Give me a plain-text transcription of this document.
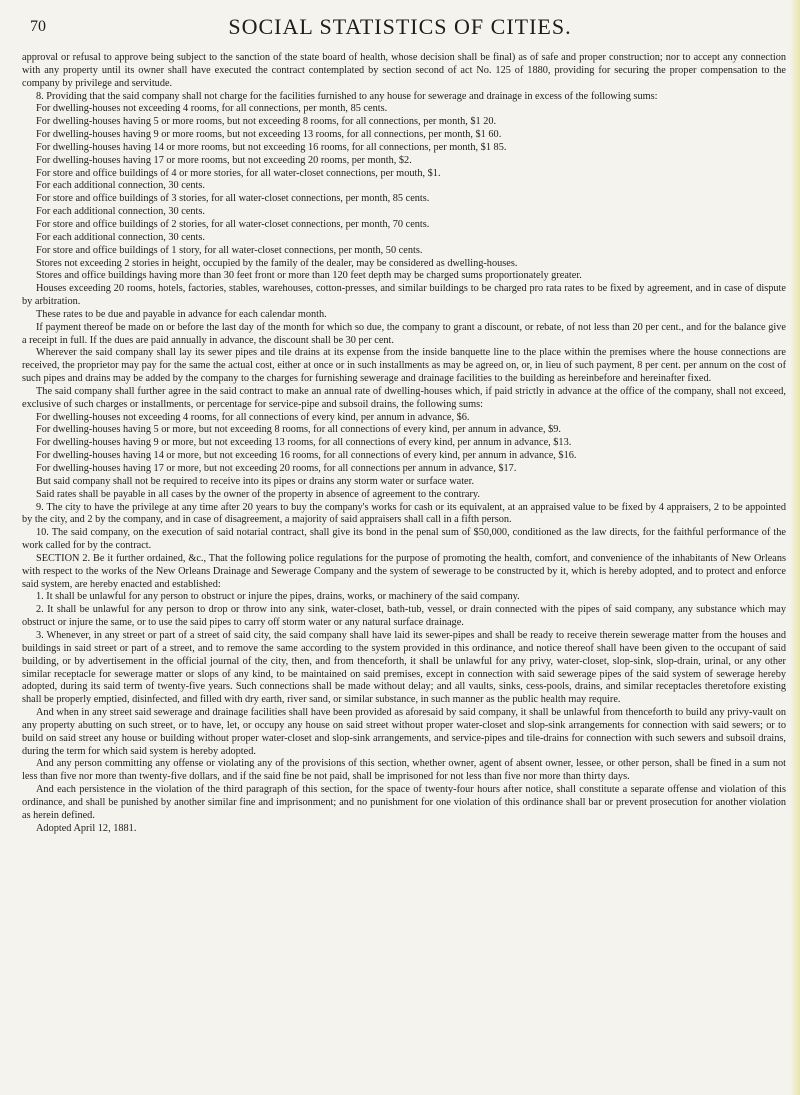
70	SOCIAL STATISTICS OF CITIES.

approval or refusal to approve being subject to the sanction of the state board of health, whose decision shall be final) as of safe and proper construction; nor to accept any connection with any property until its owner shall have executed the contract contemplated by section second of act No. 125 of 1880, providing for securing the proper compensation to the company by privilege and servitude.

8. Providing that the said company shall not charge for the facilities furnished to any house for sewerage and drainage in excess of the following sums:

For dwelling-houses not exceeding 4 rooms, for all connections, per month, 85 cents.

For dwelling-houses having 5 or more rooms, but not exceeding 8 rooms, for all connections, per month, $1 20.

For dwelling-houses having 9 or more rooms, but not exceeding 13 rooms, for all connections, per month, $1 60.

For dwelling-houses having 14 or more rooms, but not exceeding 16 rooms, for all connections, per month, $1 85.

For dwelling-houses having 17 or more rooms, but not exceeding 20 rooms, per month, $2.

For store and office buildings of 4 or more stories, for all water-closet connections, per mouth, $1.

For each additional connection, 30 cents.

For store and office buildings of 3 stories, for all water-closet connections, per month, 85 cents.

For each additional connection, 30 cents.

For store and office buildings of 2 stories, for all water-closet connections, per month, 70 cents.

For each additional connection, 30 cents.

For store and office buildings of 1 story, for all water-closet connections, per month, 50 cents.

Stores not exceeding 2 stories in height, occupied by the family of the dealer, may be considered as dwelling-houses.

Stores and office buildings having more than 30 feet front or more than 120 feet depth may be charged sums proportionately greater.

Houses exceeding 20 rooms, hotels, factories, stables, warehouses, cotton-presses, and similar buildings to be charged pro rata rates to be fixed by agreement, and in case of dispute by arbitration.

These rates to be due and payable in advance for each calendar month.

If payment thereof be made on or before the last day of the month for which so due, the company to grant a discount, or rebate, of not less than 20 per cent., and for the balance give a receipt in full. If the dues are paid annually in advance, the discount shall be 30 per cent.

Wherever the said company shall lay its sewer pipes and tile drains at its expense from the inside banquette line to the place within the premises where the house connections are received, the proprietor may pay for the same the actual cost, either at once or in such installments as may be agreed on, or, in lieu of such payment, 8 per cent. per annum on the cost of such pipes and drains may be added by the company to the charges for furnishing sewerage and drainage facilities to the building as hereinbefore and hereinafter fixed.

The said company shall further agree in the said contract to make an annual rate of dwelling-houses which, if paid strictly in advance at the office of the company, shall not exceed, exclusive of such charges or installments, or percentage for service-pipe and subsoil drains, the following sums:

For dwelling-houses not exceeding 4 rooms, for all connections of every kind, per annum in advance, $6.

For dwelling-houses having 5 or more, but not exceeding 8 rooms, for all connections of every kind, per annum in advance, $9.

For dwelling-houses having 9 or more, but not exceeding 13 rooms, for all connections of every kind, per annum in advance, $13.

For dwelling-houses having 14 or more, but not exceeding 16 rooms, for all connections of every kind, per annum in advance, $16.

For dwelling-houses having 17 or more, but not exceeding 20 rooms, for all connections per annum in advance, $17.

But said company shall not be required to receive into its pipes or drains any storm water or surface water.

Said rates shall be payable in all cases by the owner of the property in absence of agreement to the contrary.

9. The city to have the privilege at any time after 20 years to buy the company's works for cash or its equivalent, at an appraised value to be fixed by 4 appraisers, 2 to be appointed by the city, and 2 by the company, and in case of disagreement, a majority of said appraisers shall call in a fifth person.

10. The said company, on the execution of said notarial contract, shall give its bond in the penal sum of $50,000, conditioned as the law directs, for the faithful performance of the work called for by the contract.

SECTION 2. Be it further ordained, &c., That the following police regulations for the purpose of promoting the health, comfort, and convenience of the inhabitants of New Orleans with respect to the works of the New Orleans Drainage and Sewerage Company and the system of sewerage to be constructed by it, which is hereby adopted, and to protect and enforce said system, are hereby enacted and established:

1. It shall be unlawful for any person to obstruct or injure the pipes, drains, works, or machinery of the said company.

2. It shall be unlawful for any person to drop or throw into any sink, water-closet, bath-tub, vessel, or drain connected with the pipes of said company, any substance which may obstruct or injure the same, or to use the said pipes to carry off storm water or any natural surface drainage.

3. Whenever, in any street or part of a street of said city, the said company shall have laid its sewer-pipes and shall be ready to receive therein sewerage matter from the houses and buildings in said street or part of a street, and to remove the same according to the system provided in this ordinance, and notice thereof shall have been given to the occupant of said building, or by advertisement in the official journal of the city, then, and from thenceforth, it shall be unlawful for any privy, water-closet, slop-sink, slop-drain, urinal, or any other similar receptacle for sewerage matter or slops of any kind, to be maintained on said premises, except in connection with said sewerage pipes of the said system of sewerage hereby adopted, during its said term of twenty-five years. Such connections shall be made without delay; and all vaults, sinks, cess-pools, drains, and similar receptacles theretofore existing shall be properly emptied, disinfected, and filled with dry earth, river sand, or similar substance, in such manner as the public health may require.

And when in any street said sewerage and drainage facilities shall have been provided as aforesaid by said company, it shall be unlawful from thenceforth to build any privy-vault on any property abutting on such street, or to have, let, or occupy any house on said street without proper water-closet and slop-sink arrangements for connection with said sewers; or to build on said street any house or building without proper water-closet and slop-sink arrangements, and service-pipes and tile-drains for connection with such sewers and subsoil drains, during the term for which said system is hereby adopted.

And any person committing any offense or violating any of the provisions of this section, whether owner, agent of absent owner, lessee, or other person, shall be fined in a sum not less than five nor more than twenty-five dollars, and if the said fine be not paid, shall be imprisoned for not less than five nor more than thirty days.

And each persistence in the violation of the third paragraph of this section, for the space of twenty-four hours after notice, shall constitute a separate offense and violation of this ordinance, and shall be punished by another similar fine and imprisonment; and no punishment for one violation of this ordinance shall bar or prevent prosecution for another violation as herein defined.

Adopted April 12, 1881.
